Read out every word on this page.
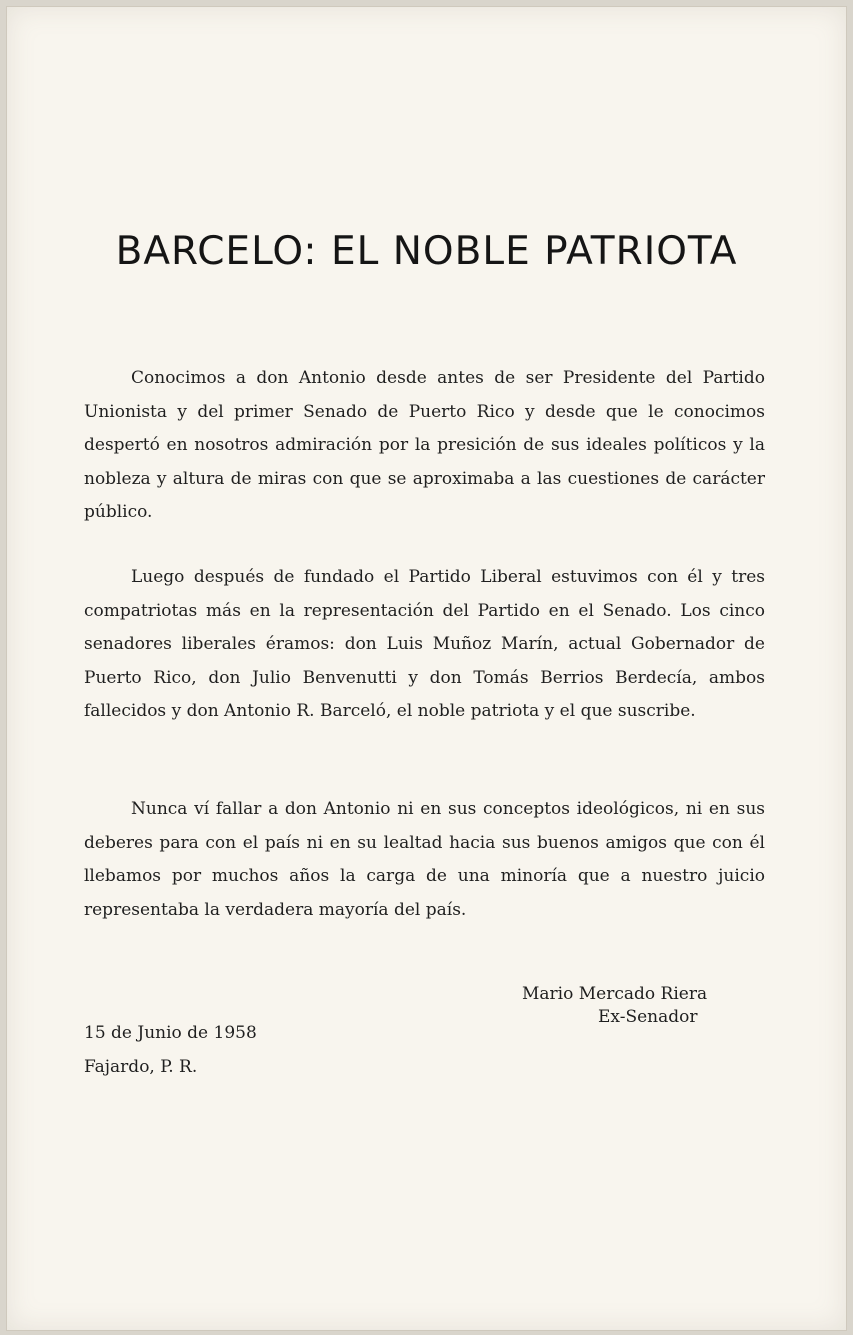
BARCELO: EL NOBLE PATRIOTA

Conocimos a don Antonio desde antes de ser Presidente del Partido Unionista y del primer Senado de Puerto Rico y desde que le conocimos despertó en nosotros admiración por la presición de sus ideales políticos y la nobleza y altura de miras con que se aproximaba a las cuestiones de carácter público.

Luego después de fundado el Partido Liberal estuvimos con él y tres compatriotas más en la representación del Partido en el Senado. Los cinco senadores liberales éramos: don Luis Muñoz Marín, actual Gobernador de Puerto Rico, don Julio Benvenutti y don Tomás Berrios Berdecía, ambos fallecidos y don Antonio R. Barceló, el noble patriota y el que suscribe.

Nunca ví fallar a don Antonio ni en sus conceptos ideológicos, ni en sus deberes para con el país ni en su lealtad hacia sus buenos amigos que con él llebamos por muchos años la carga de una minoría que a nuestro juicio representaba la verdadera mayoría del país.

Mario Mercado Riera
Ex-Senador
15 de Junio de 1958
Fajardo, P. R.
